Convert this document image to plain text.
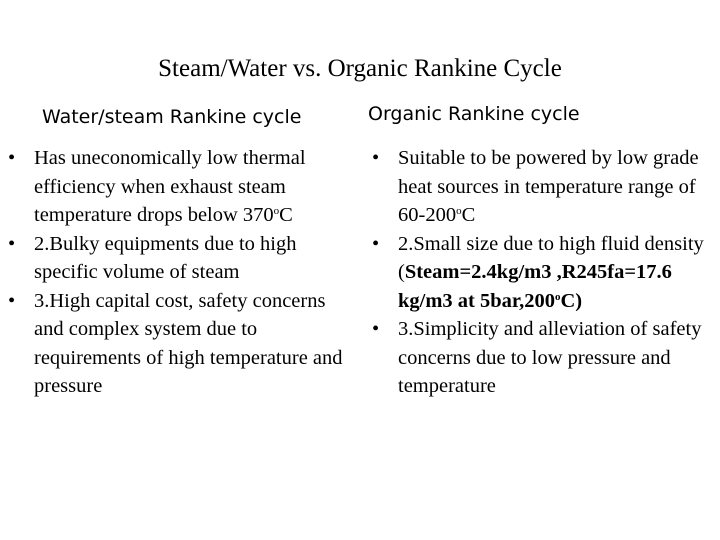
Steam/Water vs. Organic Rankine Cycle
Water/steam Rankine cycle	Organic Rankine cycle
• Has uneconomically low thermal efficiency when exhaust steam temperature drops below 370$^o$C
• 2.Bulky equipments due to high specific volume of steam
• 3.High capital cost, safety concerns and complex system due to requirements of high temperature and pressure
• Suitable to be powered by low grade heat sources in temperature range of 60-200$^o$C
• 2.Small size due to high fluid density (Steam=2.4kg/m3 ,R245fa=17.6 kg/m3 at 5bar,200$^o$C)
• 3.Simplicity and alleviation of safety concerns due to low pressure and temperature
